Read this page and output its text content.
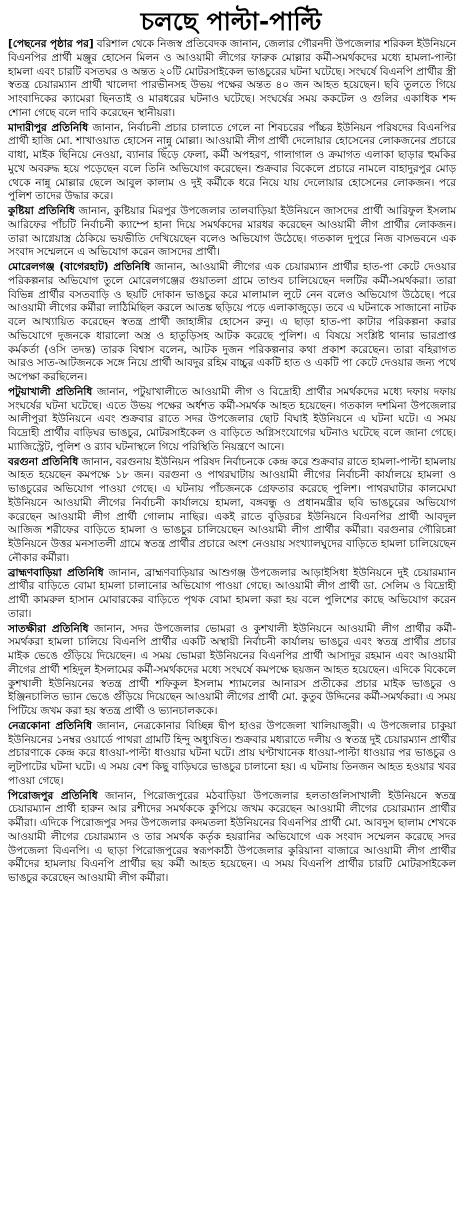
চলছে পাল্টা-পাল্টি

[পেছনের পৃষ্ঠার পর] বরিশাল থেকে নিজস্ব প্রতিবেদক জানান, জেলার গৌরনদী উপজেলার শরিকল ইউনিয়নে বিএনপির প্রার্থী মঞ্জুর হোসেন মিলন ও আওয়ামী লীগের ফারুক মোল্লার কর্মী-সমর্থকদের মধ্যে হামলা-পাল্টা হামলা এবং চারটি বসতঘর ও অন্তত ২০টি মোটরসাইকেল ভাঙচুরের ঘটনা ঘটেছে। সংঘর্ষে বিএনপি প্রার্থীর স্ত্রী স্বতন্ত্র চেয়ারম্যান প্রার্থী খালেদা পারভীনসহ উভয় পক্ষের অন্তত ৪০ জন আহত হয়েছেন। ছবি তুলতে গিয়ে সাংবাদিকের ক্যামেরা ছিনতাই ও মারধরের ঘটনাও ঘটেছে। সংঘর্ষের সময় ককটেল ও গুলির একাধিক শব্দ শোনা গেছে বলে দাবি করেছেন স্থানীয়রা।

মাদারীপুর প্রতিনিধি জানান, নির্বাচনী প্রচার চালাতে গেলে না শিবচরের পাঁচ্চর ইউনিয়ন পরিষদের বিএনপির প্রার্থী হাজি মো. শাখাওয়াত হোসেন নান্নু মোল্লা। আওয়ামী লীগ প্রার্থী দেলোয়ার হোসেনের লোকজনের প্রচারে বাধা, মাইক ছিনিয়ে নেওয়া, ব্যানার ছিঁড়ে ফেলা, কর্মী অপহরণ, গালাগাল ও ক্রমাগত এলাকা ছাড়ার হুমকির মুখে অবরুদ্ধ হয়ে পড়েছেন বলে তিনি অভিযোগ করেছেন। শুক্রবার বিকেলে প্রচারে নামলে বাহাদুরপুর মোড় থেকে নান্নু মোল্লার ছেলে আবুল কালাম ও দুই কর্মীকে ধরে নিয়ে যায় দেলোয়ার হোসেনের লোকজন। পরে পুলিশ তাদের উদ্ধার করে।

কুষ্টিয়া প্রতিনিধি জানান, কুষ্টিয়ার মিরপুর উপজেলার তালবাড়িয়া ইউনিয়নে জাসদের প্রার্থী আরিফুল ইসলাম আরিফের পাঁচটি নির্বাচনী ক্যাম্পে হানা দিয়ে সমর্থকদের মারধর করেছেন আওয়ামী লীগ প্রার্থীর লোকজন। তারা আগ্নেয়াস্ত্র ঠেকিয়ে ভয়ভীতি দেখিয়েছেন বলেও অভিযোগ উঠেছে। গতকাল দুপুরে নিজ বাসভবনে এক সংবাদ সম্মেলনে এ অভিযোগ করেন জাসদের প্রার্থী।

মোরেলগঞ্জ (বাগেরহাট) প্রতিনিধি জানান, আওয়ামী লীগের এক চেয়ারম্যান প্রার্থীর হাত-পা কেটে দেওয়ার পরিকল্পনার অভিযোগ তুলে মোরেলগঞ্জের গুয়াতলা গ্রামে তাণ্ডব চালিয়েছেন দলটির কর্মী-সমর্থকরা। তারা বিভিন্ন প্রার্থীর বসতবাড়ি ও ছয়টি দোকান ভাঙচুর করে মালামাল লুটে নেন বলেও অভিযোগ উঠেছে। পরে আওয়ামী লীগের কর্মীরা লাঠিমিছিল করলে আতঙ্ক ছড়িয়ে পড়ে এলাকাজুড়ে। তবে এ ঘটনাকে সাজানো নাটক বলে আখ্যায়িত করেছেন স্বতন্ত্র প্রার্থী জাহাঙ্গীর হোসেন রুনু। এ ছাড়া হাত-পা কাটার পরিকল্পনা করার অভিযোগে দুজনকে ধারালো অস্ত্র ও হাতুড়িসহ আটক করেছে পুলিশ। এ বিষয়ে সংশ্লিষ্ট থানার ভারপ্রাপ্ত কর্মকর্তা (ওসি তদন্ত) তারক বিশ্বাস বলেন, আটক দুজন পরিকল্পনার কথা প্রকাশ করেছেন। তারা বহিরাগত আরও সাত-আটজনকে সঙ্গে নিয়ে প্রার্থী আবদুর রহিম বাচ্চুর একটি হাত ও একটি পা কেটে দেওয়ার জন্য পথে অপেক্ষা করছিলেন।

পটুয়াখালী প্রতিনিধি জানান, পটুয়াখালীতে আওয়ামী লীগ ও বিদ্রোহী প্রার্থীর সমর্থকদের মধ্যে দফায় দফায় সংঘর্ষের ঘটনা ঘটেছে। এতে উভয় পক্ষের অর্ধশত কর্মী-সমর্থক আহত হয়েছেন। গতকাল দশমিনা উপজেলার আলীপুরা ইউনিয়নে এবং শুক্রবার রাতে সদর উপজেলার ছোট বিঘাই ইউনিয়নে এ ঘটনা ঘটে। এ সময় বিদ্রোহী প্রার্থীর বাড়িঘর ভাঙচুর, মোটরসাইকেল ও বাড়িতে অগ্নিসংযোগের ঘটনাও ঘটেছে বলে জানা গেছে। ম্যাজিস্ট্রেট, পুলিশ ও র‍্যাব ঘটনাস্থলে গিয়ে পরিস্থিতি নিয়ন্ত্রণে আনে।

বরগুনা প্রতিনিধি জানান, বরগুনায় ইউনিয়ন পরিষদ নির্বাচনকে কেন্দ্র করে শুক্রবার রাতে হামলা-পাল্টা হামলায় আহত হয়েছেন কমপক্ষে ১৮ জন। বরগুনা ও পাথরঘাটায় আওয়ামী লীগের নির্বাচনী কার্যালয়ে হামলা ও ভাঙচুরের অভিযোগ পাওয়া গেছে। এ ঘটনায় পাঁচজনকে গ্রেফতার করেছে পুলিশ। পাথরঘাটার কালমেঘা ইউনিয়নে আওয়ামী লীগের নির্বাচনী কার্যালয়ে হামলা, বঙ্গবন্ধু ও প্রধানমন্ত্রীর ছবি ভাঙচুরের অভিযোগ করেছেন আওয়ামী লীগ প্রার্থী গোলাম নাছির। একই রাতে বুড়িরচর ইউনিয়নে বিএনপির প্রার্থী আবদুল আজিজ শরীফের বাড়িতে হামলা ও ভাঙচুর চালিয়েছেন আওয়ামী লীগ প্রার্থীর কর্মীরা। বরগুনার গৌরিচন্না ইউনিয়নে উত্তর মনসাতলী গ্রামে স্বতন্ত্র প্রার্থীর প্রচারে অংশ নেওয়ায় সংখ্যালঘুদের বাড়িতে হামলা চালিয়েছেন নৌকার কর্মীরা।

ব্রাহ্মণবাড়িয়া প্রতিনিধি জানান, ব্রাহ্মণবাড়িয়ার আশুগঞ্জ উপজেলার আড়াইসিধা ইউনিয়নে দুই চেয়ারম্যান প্রার্থীর বাড়িতে বোমা হামলা চালানোর অভিযোগ পাওয়া গেছে। আওয়ামী লীগ প্রার্থী ডা. সেলিম ও বিদ্রোহী প্রার্থী কামরুল হাসান মোবারকের বাড়িতে পৃথক বোমা হামলা করা হয় বলে পুলিশের কাছে অভিযোগ করেন তারা।

সাতক্ষীরা প্রতিনিধি জানান, সদর উপজেলার ভোমরা ও কুশখালী ইউনিয়নে আওয়ামী লীগ প্রার্থীর কর্মী-সমর্থকরা হামলা চালিয়ে বিএনপি প্রার্থীর একটি অস্থায়ী নির্বাচনী কার্যালয় ভাঙচুর এবং স্বতন্ত্র প্রার্থীর প্রচার মাইক ভেঙে গুঁড়িয়ে দিয়েছেন। এ সময় ভোমরা ইউনিয়নের বিএনপির প্রার্থী আসাদুর রহমান এবং আওয়ামী লীগের প্রার্থী শহিদুল ইসলামের কর্মী-সমর্থকদের মধ্যে সংঘর্ষে কমপক্ষে ছয়জন আহত হয়েছেন। এদিকে বিকেলে কুশখালী ইউনিয়নের স্বতন্ত্র প্রার্থী শফিকুল ইসলাম শ্যামলের আনারস প্রতীকের প্রচার মাইক ভাঙচুর ও ইঞ্জিনচালিত ভ্যান ভেঙে গুঁড়িয়ে দিয়েছেন আওয়ামী লীগের প্রার্থী মো. কুতুব উদ্দিনের কর্মী-সমর্থকরা। এ সময় পিটিয়ে জখম করা হয় স্বতন্ত্র প্রার্থী ও ভ্যানচালককে।

নেত্রকোনা প্রতিনিধি জানান, নেত্রকোনার বিচ্ছিন্ন দ্বীপ হাওর উপজেলা খালিয়াজুরী। এ উপজেলার চাকুয়া ইউনিয়নের ১নম্বর ওয়ার্ডে পাথরা গ্রামটি হিন্দু অধ্যুষিত। শুক্রবার মধ্যরাতে দলীয় ও স্বতন্ত্র দুই চেয়ারম্যান প্রার্থীর প্রচারণাকে কেন্দ্র করে ধাওয়া-পাল্টা ধাওয়ার ঘটনা ঘটে। প্রায় ঘণ্টাখানেক ধাওয়া-পাল্টা ধাওয়ার পর ভাঙচুর ও লুটপাটের ঘটনা ঘটে। এ সময় বেশ কিছু বাড়িঘরে ভাঙচুর চালানো হয়। এ ঘটনায় তিনজন আহত হওয়ার খবর পাওয়া গেছে।

পিরোজপুর প্রতিনিধি জানান, পিরোজপুরের মঠবাড়িয়া উপজেলার হলতাগুলিসাখালী ইউনিয়নে স্বতন্ত্র চেয়ারম্যান প্রার্থী হারুন আর রশীদের সমর্থককে কুপিয়ে জখম করেছেন আওয়ামী লীগের চেয়ারম্যান প্রার্থীর কর্মীরা। এদিকে পিরোজপুর সদর উপজেলার কদমতলা ইউনিয়নের বিএনপির প্রার্থী মো. আবদুস ছালাম শেখকে আওয়ামী লীগের চেয়ারম্যান ও তার সমর্থক কর্তৃক হয়রানির অভিযোগে এক সংবাদ সম্মেলন করেছে সদর উপজেলা বিএনপি। এ ছাড়া পিরোজপুরের স্বরূপকাঠী উপজেলার কুরিয়ানা বাজারে আওয়ামী লীগ প্রার্থীর কর্মীদের হামলায় বিএনপি প্রার্থীর ছয় কর্মী আহত হয়েছেন। এ সময় বিএনপি প্রার্থীর চারটি মোটরসাইকেল ভাঙচুর করেছেন আওয়ামী লীগ কর্মীরা।
